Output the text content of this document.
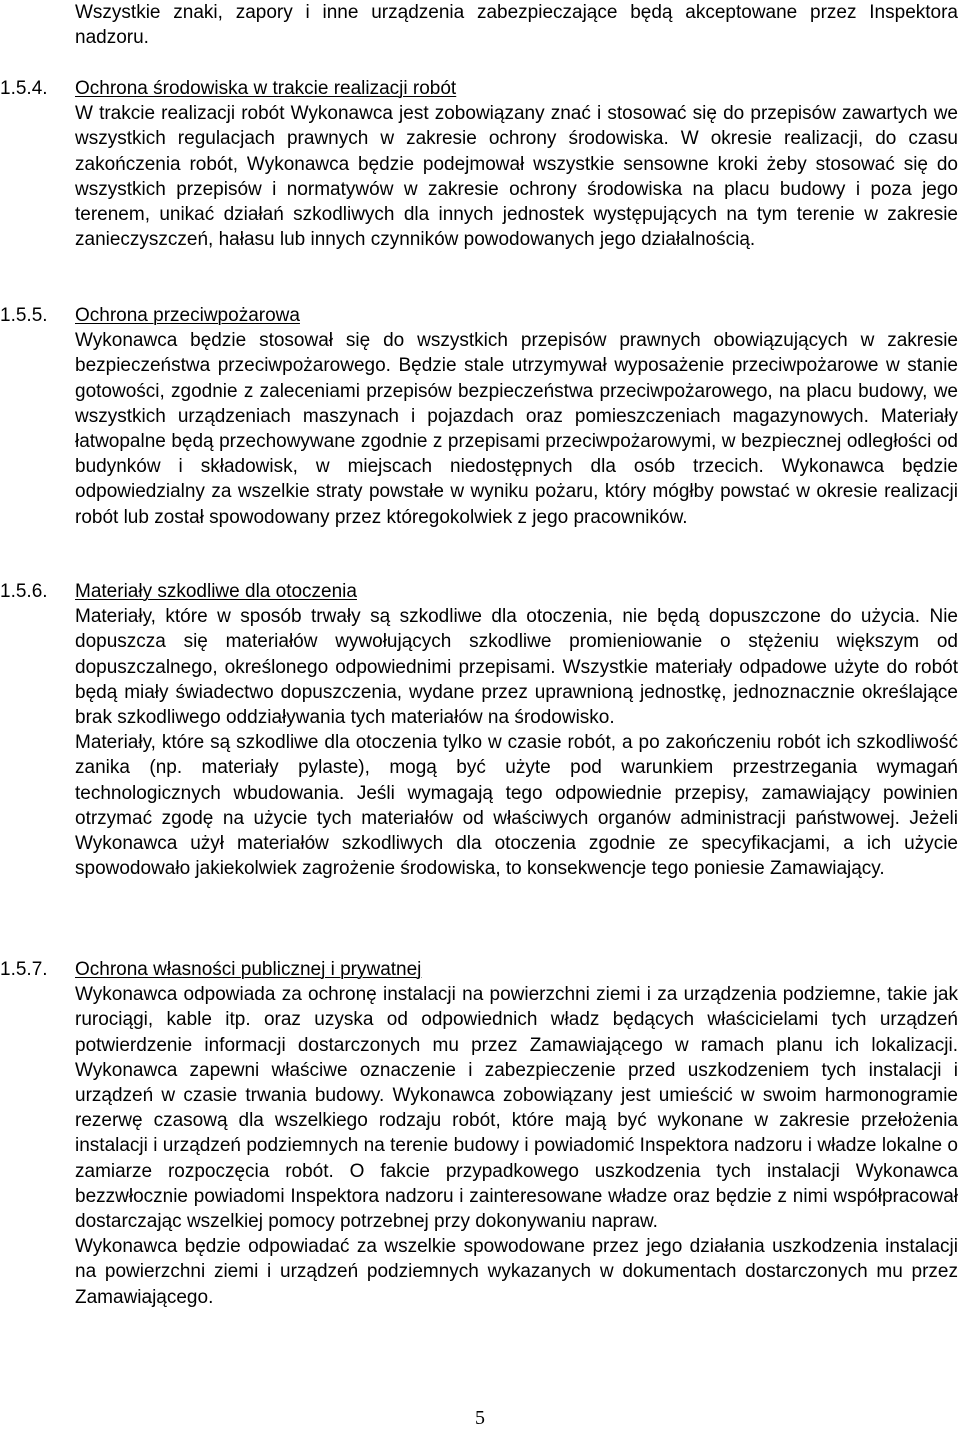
Wszystkie znaki, zapory i inne urządzenia zabezpieczające będą akceptowane przez Inspektora nadzoru.
1.5.4.	Ochrona środowiska w trakcie realizacji robót

W trakcie realizacji robót Wykonawca jest zobowiązany znać i stosować się do przepisów zawartych we wszystkich regulacjach prawnych w zakresie ochrony środowiska. W okresie realizacji, do czasu zakończenia robót, Wykonawca będzie podejmował wszystkie sensowne kroki żeby stosować się do wszystkich przepisów i normatywów w zakresie ochrony środowiska na placu budowy i poza jego terenem, unikać działań szkodliwych dla innych jednostek występujących na tym terenie w zakresie zanieczyszczeń, hałasu lub innych czynników powodowanych jego działalnością.

1.5.5.	Ochrona przeciwpożarowa

Wykonawca będzie stosował się do wszystkich przepisów prawnych obowiązujących w zakresie bezpieczeństwa przeciwpożarowego. Będzie stale utrzymywał wyposażenie przeciwpożarowe w stanie gotowości, zgodnie z zaleceniami przepisów bezpieczeństwa przeciwpożarowego, na placu budowy, we wszystkich urządzeniach maszynach i pojazdach oraz pomieszczeniach magazynowych. Materiały łatwopalne będą przechowywane zgodnie z przepisami przeciwpożarowymi, w bezpiecznej odległości od budynków i składowisk, w miejscach niedostępnych dla osób trzecich. Wykonawca będzie odpowiedzialny za wszelkie straty powstałe w wyniku pożaru, który mógłby powstać w okresie realizacji robót lub został spowodowany przez któregokolwiek z jego pracowników.

1.5.6.	Materiały szkodliwe dla otoczenia

Materiały, które w sposób trwały są szkodliwe dla otoczenia, nie będą dopuszczone do użycia. Nie dopuszcza się materiałów wywołujących szkodliwe promieniowanie o stężeniu większym od dopuszczalnego, określonego odpowiednimi przepisami. Wszystkie materiały odpadowe użyte do robót będą miały świadectwo dopuszczenia, wydane przez uprawnioną jednostkę, jednoznacznie określające brak szkodliwego oddziaływania tych materiałów na środowisko.

Materiały, które są szkodliwe dla otoczenia tylko w czasie robót, a po zakończeniu robót ich szkodliwość zanika (np. materiały pylaste), mogą być użyte pod warunkiem przestrzegania wymagań technologicznych wbudowania. Jeśli wymagają tego odpowiednie przepisy, zamawiający powinien otrzymać zgodę na użycie tych materiałów od właściwych organów administracji państwowej. Jeżeli Wykonawca użył materiałów szkodliwych dla otoczenia zgodnie ze specyfikacjami, a ich użycie spowodowało jakiekolwiek zagrożenie środowiska, to konsekwencje tego poniesie Zamawiający.

1.5.7.	Ochrona własności publicznej i prywatnej

Wykonawca odpowiada za ochronę instalacji na powierzchni ziemi i za urządzenia podziemne, takie jak rurociągi, kable itp. oraz uzyska od odpowiednich władz będących właścicielami tych urządzeń potwierdzenie informacji dostarczonych mu przez Zamawiającego w ramach planu ich lokalizacji. Wykonawca zapewni właściwe oznaczenie i zabezpieczenie przed uszkodzeniem tych instalacji i urządzeń w czasie trwania budowy. Wykonawca zobowiązany jest umieścić w swoim harmonogramie rezerwę czasową dla wszelkiego rodzaju robót, które mają być wykonane w zakresie przełożenia instalacji i urządzeń podziemnych na terenie budowy i powiadomić Inspektora nadzoru i władze lokalne o zamiarze rozpoczęcia robót. O fakcie przypadkowego uszkodzenia tych instalacji Wykonawca bezzwłocznie powiadomi Inspektora nadzoru i zainteresowane władze oraz będzie z nimi współpracował dostarczając wszelkiej pomocy potrzebnej przy dokonywaniu napraw.

Wykonawca będzie odpowiadać za wszelkie spowodowane przez jego działania uszkodzenia instalacji na powierzchni ziemi i urządzeń podziemnych wykazanych w dokumentach dostarczonych mu przez Zamawiającego.

5
